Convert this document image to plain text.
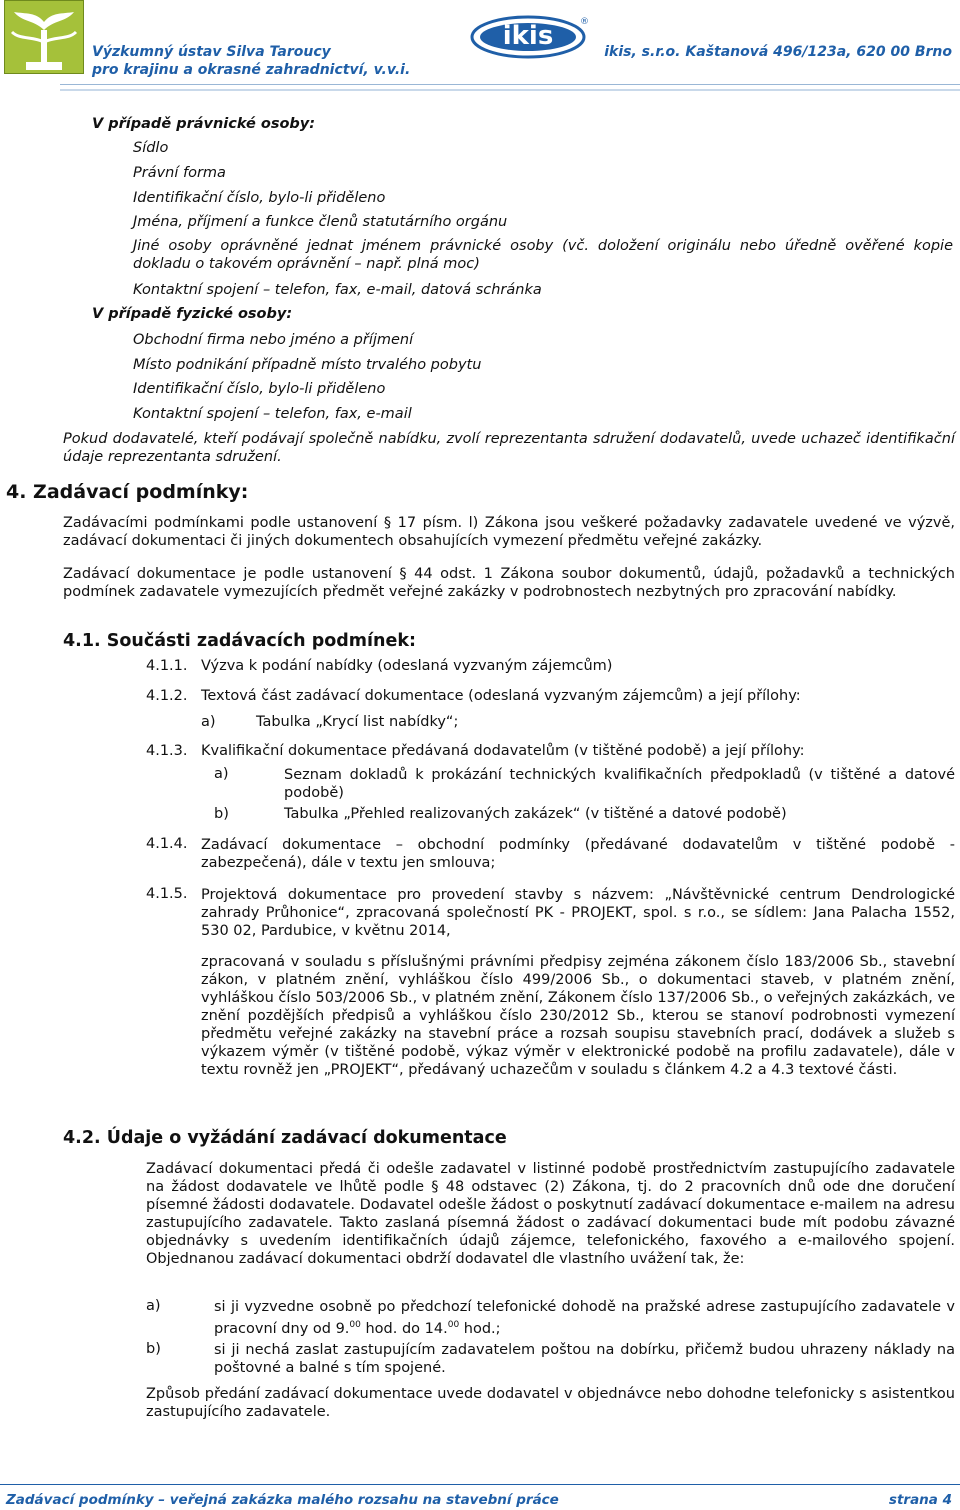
Výzkumný ústav Silva Taroucy
pro krajinu a okrasné zahradnictví, v.v.i.
®
ikis
ikis, s.r.o. Kaštanová 496/123a, 620 00 Brno
V případě právnické osoby:
Sídlo
Právní forma
Identifikační číslo, bylo-li přiděleno
Jména, příjmení a funkce členů statutárního orgánu
Jiné osoby oprávněné jednat jménem právnické osoby (vč. doložení originálu nebo úředně ověřené kopie dokladu o takovém oprávnění – např. plná moc)
Kontaktní spojení – telefon, fax, e-mail, datová schránka
V případě fyzické osoby:
Obchodní firma nebo jméno a příjmení
Místo podnikání případně místo trvalého pobytu
Identifikační číslo, bylo-li přiděleno
Kontaktní spojení – telefon, fax, e-mail
Pokud dodavatelé, kteří podávají společně nabídku, zvolí reprezentanta sdružení dodavatelů, uvede uchazeč identifikační údaje reprezentanta sdružení.
4. Zadávací podmínky:
Zadávacími podmínkami podle ustanovení § 17 písm. l) Zákona jsou veškeré požadavky zadavatele uvedené ve výzvě, zadávací dokumentaci či jiných dokumentech obsahujících vymezení předmětu veřejné zakázky.
Zadávací dokumentace je podle ustanovení § 44 odst. 1 Zákona soubor dokumentů, údajů, požadavků a technických podmínek zadavatele vymezujících předmět veřejné zakázky v podrobnostech nezbytných pro zpracování nabídky.
4.1. Součásti zadávacích podmínek:
4.1.1. Výzva k podání nabídky (odeslaná vyzvaným zájemcům)
4.1.2. Textová část zadávací dokumentace (odeslaná vyzvaným zájemcům) a její přílohy:
a)	Tabulka „Krycí list nabídky“;
4.1.3. Kvalifikační dokumentace předávaná dodavatelům (v tištěné podobě) a její přílohy:
a)	Seznam dokladů k prokázání technických kvalifikačních předpokladů (v tištěné a datové podobě)
b)	Tabulka „Přehled realizovaných zakázek“ (v tištěné a datové podobě)
4.1.4. Zadávací dokumentace – obchodní podmínky (předávané dodavatelům v tištěné podobě - zabezpečená), dále v textu jen smlouva;
4.1.5. Projektová dokumentace pro provedení stavby s názvem: „Návštěvnické centrum Dendrologické zahrady Průhonice“, zpracovaná společností PK - PROJEKT, spol. s r.o., se sídlem: Jana Palacha 1552, 530 02, Pardubice, v květnu 2014,
zpracovaná v souladu s příslušnými právními předpisy zejména zákonem číslo 183/2006 Sb., stavební zákon, v platném znění, vyhláškou číslo 499/2006 Sb., o dokumentaci staveb, v platném znění, vyhláškou číslo 503/2006 Sb., v platném znění, Zákonem číslo 137/2006 Sb., o veřejných zakázkách, ve znění pozdějších předpisů a vyhláškou číslo 230/2012 Sb., kterou se stanoví podrobnosti vymezení předmětu veřejné zakázky na stavební práce a rozsah soupisu stavebních prací, dodávek a služeb s výkazem výměr (v tištěné podobě, výkaz výměr v elektronické podobě na profilu zadavatele), dále v textu rovněž jen „PROJEKT“, předávaný uchazečům v souladu s článkem 4.2 a 4.3 textové části.
4.2. Údaje o vyžádání zadávací dokumentace
Zadávací dokumentaci předá či odešle zadavatel v listinné podobě prostřednictvím zastupujícího zadavatele na žádost dodavatele ve lhůtě podle § 48 odstavec (2) Zákona, tj. do 2 pracovních dnů ode dne doručení písemné žádosti dodavatele. Dodavatel odešle žádost o poskytnutí zadávací dokumentace e-mailem na adresu zastupujícího zadavatele. Takto zaslaná písemná žádost o zadávací dokumentaci bude mít podobu závazné objednávky s uvedením identifikačních údajů zájemce, telefonického, faxového a e-mailového spojení. Objednanou zadávací dokumentaci obdrží dodavatel dle vlastního uvážení tak, že:
a)	si ji vyzvedne osobně po předchozí telefonické dohodě na pražské adrese zastupujícího zadavatele v pracovní dny od 9.00 hod. do 14.00 hod.;
b)	si ji nechá zaslat zastupujícím zadavatelem poštou na dobírku, přičemž budou uhrazeny náklady na poštovné a balné s tím spojené.
Způsob předání zadávací dokumentace uvede dodavatel v objednávce nebo dohodne telefonicky s asistentkou zastupujícího zadavatele.
Zadávací podmínky – veřejná zakázka malého rozsahu na stavební práce	strana 4
